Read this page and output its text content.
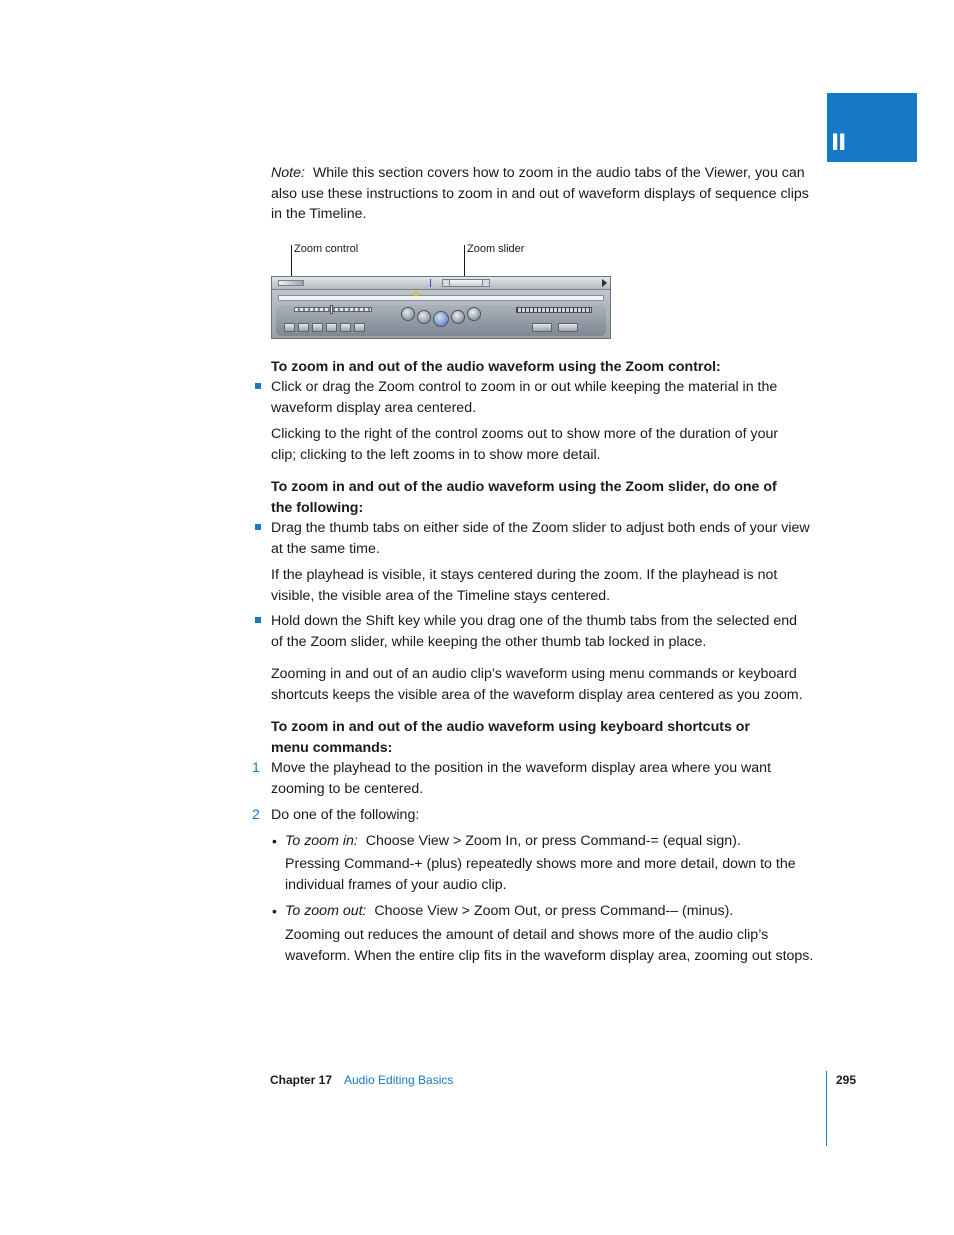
II
Note: While this section covers how to zoom in the audio tabs of the Viewer, you can
also use these instructions to zoom in and out of waveform displays of sequence clips
in the Timeline.
Zoom control	Zoom slider
To zoom in and out of the audio waveform using the Zoom control:
Click or drag the Zoom control to zoom in or out while keeping the material in the
waveform display area centered.
Clicking to the right of the control zooms out to show more of the duration of your
clip; clicking to the left zooms in to show more detail.
To zoom in and out of the audio waveform using the Zoom slider, do one of
the following:
Drag the thumb tabs on either side of the Zoom slider to adjust both ends of your view
at the same time.
If the playhead is visible, it stays centered during the zoom. If the playhead is not
visible, the visible area of the Timeline stays centered.
Hold down the Shift key while you drag one of the thumb tabs from the selected end
of the Zoom slider, while keeping the other thumb tab locked in place.
Zooming in and out of an audio clip’s waveform using menu commands or keyboard
shortcuts keeps the visible area of the waveform display area centered as you zoom.
To zoom in and out of the audio waveform using keyboard shortcuts or
menu commands:
1 Move the playhead to the position in the waveform display area where you want
zooming to be centered.
2 Do one of the following:
• To zoom in: Choose View > Zoom In, or press Command-= (equal sign).
Pressing Command-+ (plus) repeatedly shows more and more detail, down to the
individual frames of your audio clip.
• To zoom out: Choose View > Zoom Out, or press Command-– (minus).
Zooming out reduces the amount of detail and shows more of the audio clip’s
waveform. When the entire clip fits in the waveform display area, zooming out stops.
Chapter 17 Audio Editing Basics	295
